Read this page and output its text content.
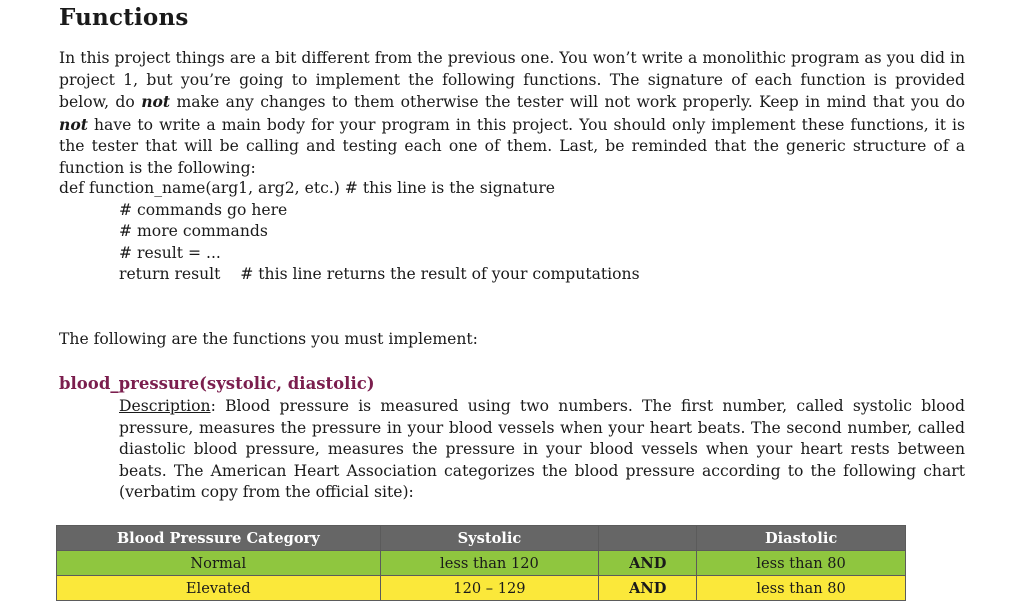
Functions

In this project things are a bit different from the previous one. You won’t write a monolithic program as you did in project 1, but you’re going to implement the following functions. The signature of each function is provided below, do not make any changes to them otherwise the tester will not work properly. Keep in mind that you do not have to write a main body for your program in this project. You should only implement these functions, it is the tester that will be calling and testing each one of them. Last, be reminded that the generic structure of a function is the following:

def function_name(arg1, arg2, etc.) # this line is the signature
# commands go here
# more commands
# result = ...
return result    # this line returns the result of your computations

The following are the functions you must implement:

blood_pressure(systolic, diastolic)

Description: Blood pressure is measured using two numbers. The first number, called systolic blood pressure, measures the pressure in your blood vessels when your heart beats. The second number, called diastolic blood pressure, measures the pressure in your blood vessels when your heart rests between beats. The American Heart Association categorizes the blood pressure according to the following chart (verbatim copy from the official site):

Blood Pressure Category	Systolic		Diastolic
Normal	less than 120	AND	less than 80
Elevated	120 – 129	AND	less than 80
